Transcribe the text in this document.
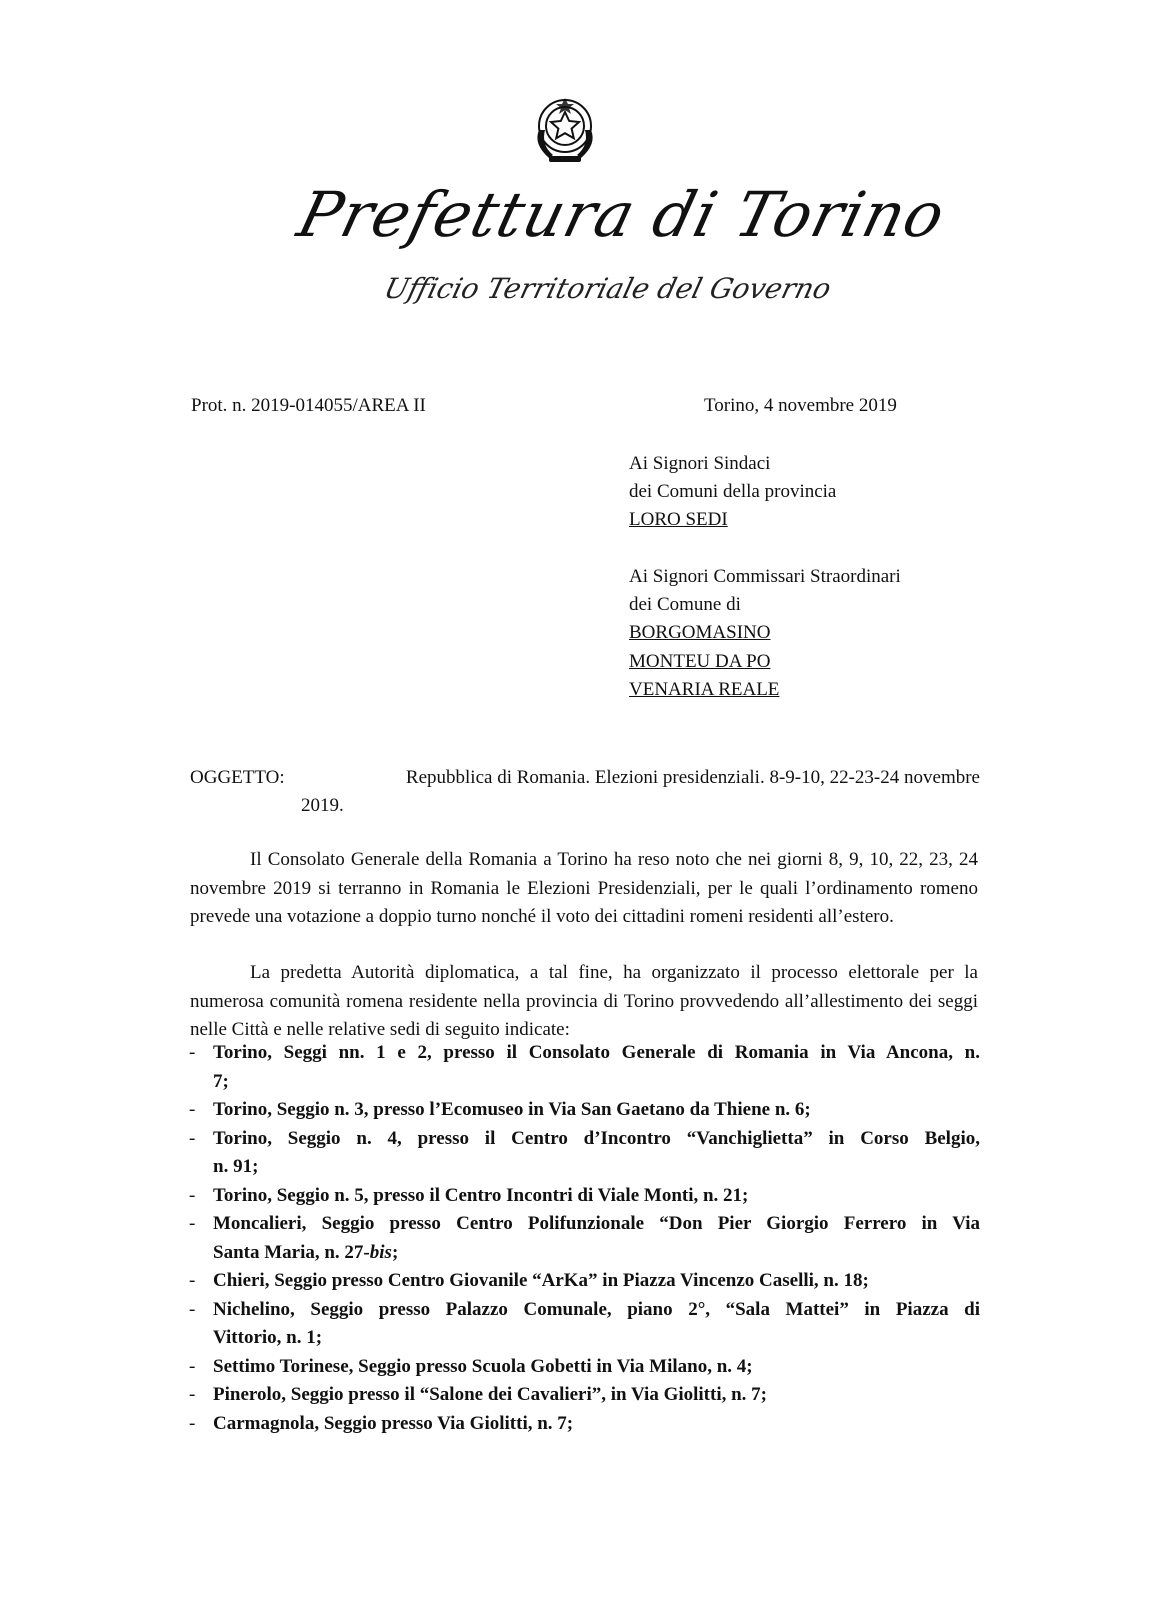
Prefettura di Torino
Ufficio Territoriale del Governo
Prot. n. 2019-014055/AREA II	Torino, 4 novembre 2019
Ai Signori Sindaci
dei Comuni della provincia
LORO SEDI
Ai Signori Commissari Straordinari
dei Comune di
BORGOMASINO
MONTEU DA PO
VENARIA REALE
OGGETTO:	Repubblica di Romania. Elezioni presidenziali. 8-9-10, 22-23-24 novembre
2019.
Il Consolato Generale della Romania a Torino ha reso noto che nei giorni 8, 9, 10, 22, 23, 24 novembre 2019 si terranno in Romania le Elezioni Presidenziali, per le quali l’ordinamento romeno prevede una votazione a doppio turno nonché il voto dei cittadini romeni residenti all’estero.
La predetta Autorità diplomatica, a tal fine, ha organizzato il processo elettorale per la numerosa comunità romena residente nella provincia di Torino provvedendo all’allestimento dei seggi nelle Città e nelle relative sedi di seguito indicate:
- Torino, Seggi nn. 1 e 2, presso il Consolato Generale di Romania in Via Ancona, n.
7;
- Torino, Seggio n. 3, presso l’Ecomuseo in Via San Gaetano da Thiene n. 6;
- Torino, Seggio n. 4, presso il Centro d’Incontro “Vanchiglietta” in Corso Belgio,
n. 91;
- Torino, Seggio n. 5, presso il Centro Incontri di Viale Monti, n. 21;
- Moncalieri, Seggio presso Centro Polifunzionale “Don Pier Giorgio Ferrero in Via
Santa Maria, n. 27-bis;
- Chieri, Seggio presso Centro Giovanile “ArKa” in Piazza Vincenzo Caselli, n. 18;
- Nichelino, Seggio presso Palazzo Comunale, piano 2°, “Sala Mattei” in Piazza di
Vittorio, n. 1;
- Settimo Torinese, Seggio presso Scuola Gobetti in Via Milano, n. 4;
- Pinerolo, Seggio presso il “Salone dei Cavalieri”, in Via Giolitti, n. 7;
- Carmagnola, Seggio presso Via Giolitti, n. 7;
